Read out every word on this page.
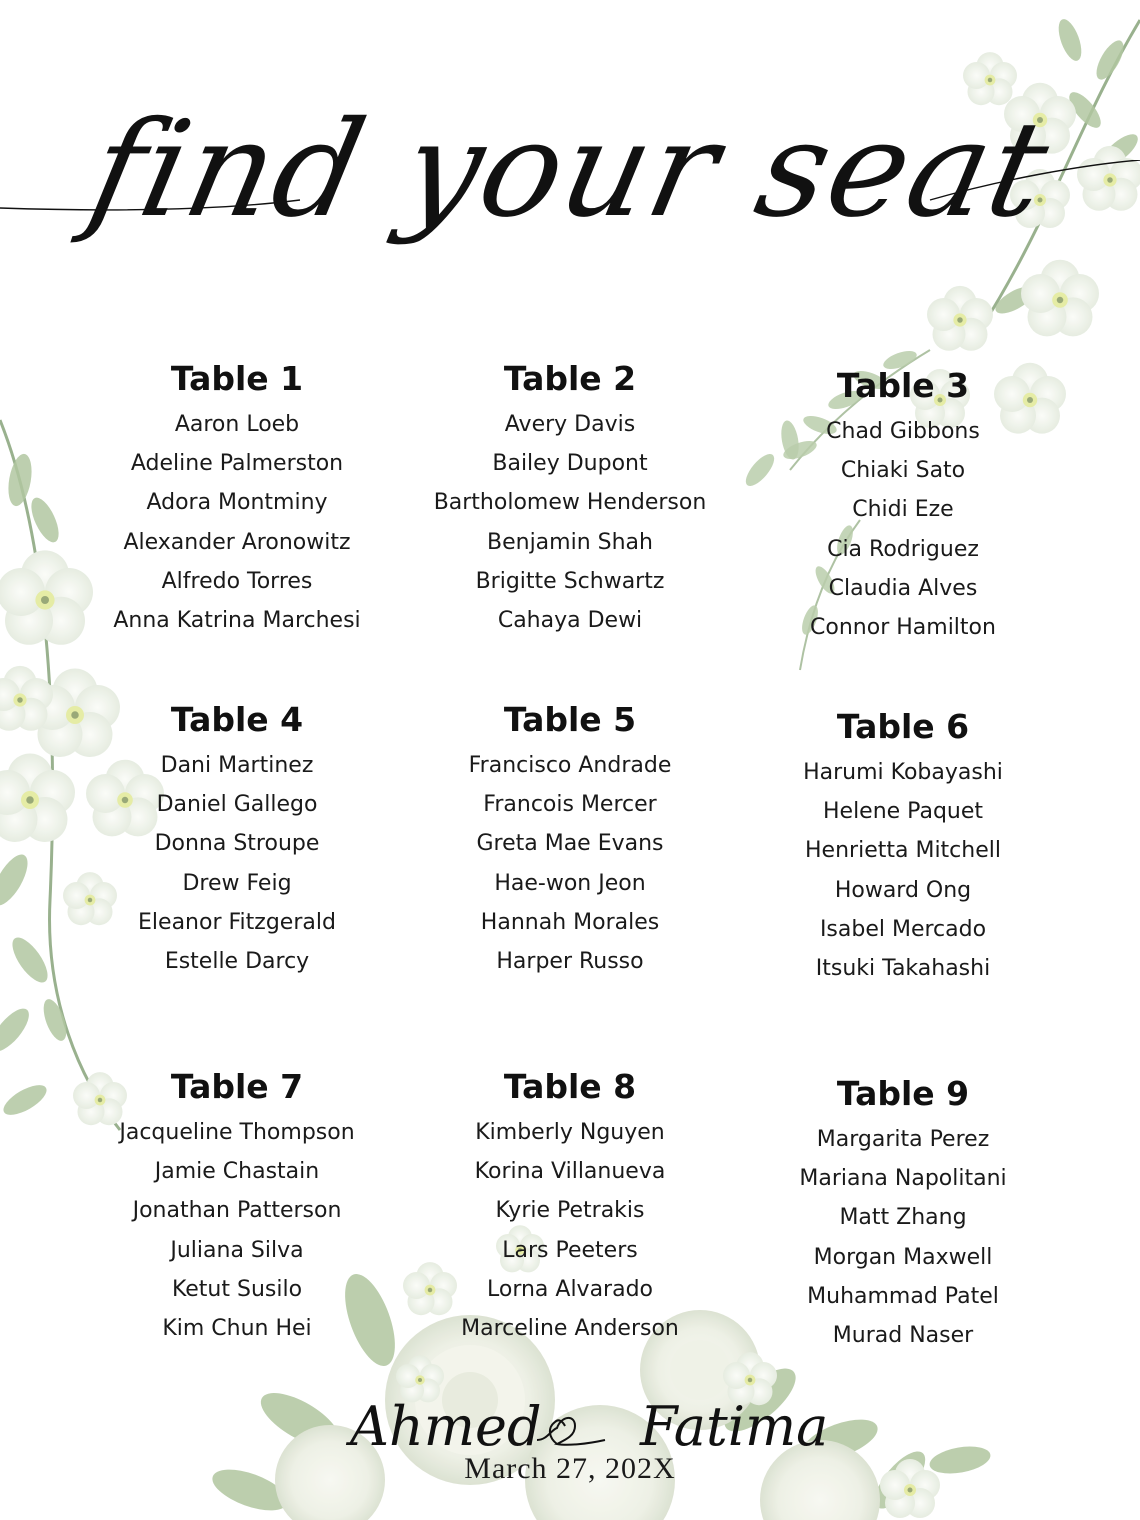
find your seat
Table 1
Aaron Loeb
Adeline Palmerston
Adora Montminy
Alexander Aronowitz
Alfredo Torres
Anna Katrina Marchesi
Table 2
Avery Davis
Bailey Dupont
Bartholomew Henderson
Benjamin Shah
Brigitte Schwartz
Cahaya Dewi
Table 3
Chad Gibbons
Chiaki Sato
Chidi Eze
Cia Rodriguez
Claudia Alves
Connor Hamilton
Table 4
Dani Martinez
Daniel Gallego
Donna Stroupe
Drew Feig
Eleanor Fitzgerald
Estelle Darcy
Table 5
Francisco Andrade
Francois Mercer
Greta Mae Evans
Hae-won Jeon
Hannah Morales
Harper Russo
Table 6
Harumi Kobayashi
Helene Paquet
Henrietta Mitchell
Howard Ong
Isabel Mercado
Itsuki Takahashi
Table 7
Jacqueline Thompson
Jamie Chastain
Jonathan Patterson
Juliana Silva
Ketut Susilo
Kim Chun Hei
Table 8
Kimberly Nguyen
Korina Villanueva
Kyrie Petrakis
Lars Peeters
Lorna Alvarado
Marceline Anderson
Table 9
Margarita Perez
Mariana Napolitani
Matt Zhang
Morgan Maxwell
Muhammad Patel
Murad Naser
Ahmed Fatima
March 27, 202X
